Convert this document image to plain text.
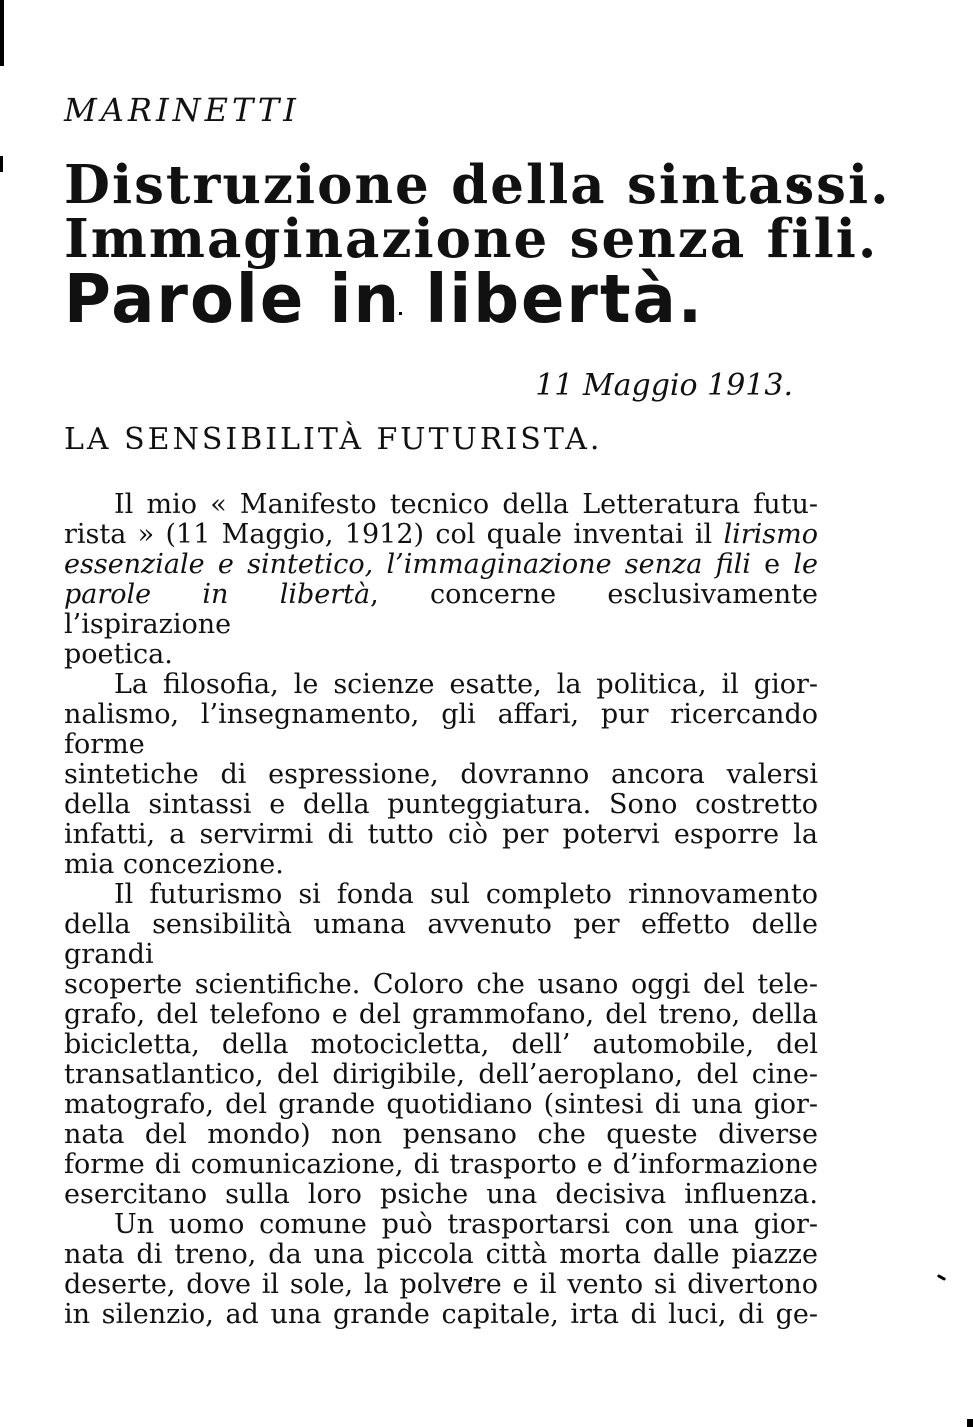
MARINETTI
Distruzione della sintassi.
Immaginazione senza fili.
Parole in libertà.
11 Maggio 1913.
LA SENSIBILITÀ FUTURISTA.

Il mio « Manifesto tecnico della Letteratura futu-
rista » (11 Maggio, 1912) col quale inventai il lirismo
essenziale e sintetico, l’immaginazione senza fili e le
parole in libertà, concerne esclusivamente l’ispirazione
poetica.

La filosofia, le scienze esatte, la politica, il gior-
nalismo, l’insegnamento, gli affari, pur ricercando forme
sintetiche di espressione, dovranno ancora valersi
della sintassi e della punteggiatura. Sono costretto
infatti, a servirmi di tutto ciò per potervi esporre la
mia concezione.

Il futurismo si fonda sul completo rinnovamento
della sensibilità umana avvenuto per effetto delle grandi
scoperte scientifiche. Coloro che usano oggi del tele-
grafo, del telefono e del grammofano, del treno, della
bicicletta, della motocicletta, dell’ automobile, del
transatlantico, del dirigibile, dell’aeroplano, del cine-
matografo, del grande quotidiano (sintesi di una gior-
nata del mondo) non pensano che queste diverse
forme di comunicazione, di trasporto e d’informazione
esercitano sulla loro psiche una decisiva influenza.

Un uomo comune può trasportarsi con una gior-
nata di treno, da una piccola città morta dalle piazze
deserte, dove il sole, la polvere e il vento si divertono
in silenzio, ad una grande capitale, irta di luci, di ge-
